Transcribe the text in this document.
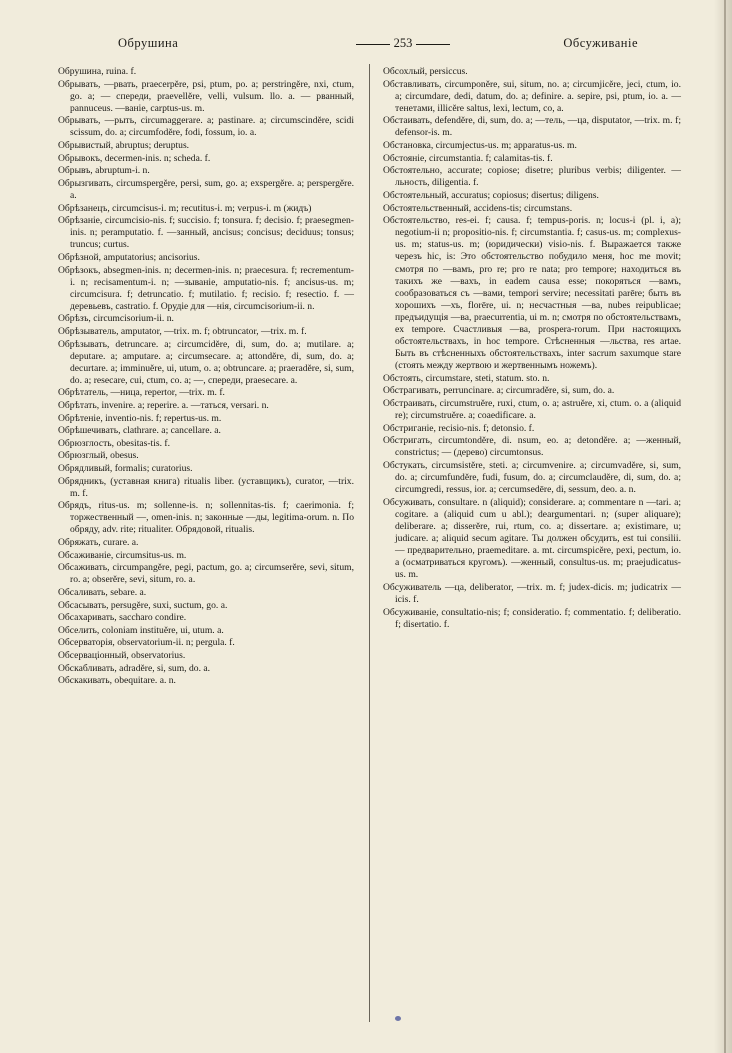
Обрушина	253	Обсуживаніе

Обрушина, ruina. f.

Обрывать, —рвать, praecerpĕre, psi, ptum, po. a; perstringĕre, nxi, ctum, go. a; — спереди, praevellĕre, velli, vulsum. llo. a. — рванный, pannuceus. —ваніе, carptus-us. m.

Обрывать, —рыть, circumaggerare. a; pastinare. a; circumscindĕre, scidi scissum, do. a; circumfodĕre, fodi, fossum, io. a.

Обрывистый, abruptus; deruptus.

Обрывокъ, decermen-inis. n; scheda. f.

Обрывъ, abruptum-i. n.

Обрызгивать, circumspergĕre, persi, sum, go. a; exspergĕre. a; perspergĕre. a.

Обрѣзанецъ, circumcisus-i. m; recutitus-i. m; verpus-i. m (жидъ)

Обрѣзаніе, circumcisio-nis. f; succisio. f; tonsura. f; decisio. f; praesegmen-inis. n; peramputatio. f. —занный, ancisus; concisus; deciduus; tonsus; truncus; curtus.

Обрѣзной, amputatorius; ancisorius.

Обрѣзокъ, absegmen-inis. n; decermen-inis. n; praecesura. f; recrementum-i. n; recisamentum-i. n; —зываніе, amputatio-nis. f; ancisus-us. m; circumcisura. f; detruncatio. f; mutilatio. f; recisio. f; resectio. f. — деревьевъ, castratio. f. Орудіе для —нія, circumcisorium-ii. n.

Обрѣзъ, circumcisorium-ii. n.

Обрѣзыватель, amputator, —trix. m. f; obtruncator, —trix. m. f.

Обрѣзывать, detruncare. a; circumcidĕre, di, sum, do. a; mutilare. a; deputare. a; amputare. a; circumsecare. a; attondĕre, di, sum, do. a; decurtare. a; imminuĕre, ui, utum, o. a; obtruncare. a; praeradĕre, si, sum, do. a; resecare, cui, ctum, co. a; —, спереди, praesecare. a.

Обрѣтатель, —ница, repertor, —trix. m. f.

Обрѣтать, invenire. a; reperire. a. —таться, versari. n.

Обрѣтеніе, inventio-nis. f; repertus-us. m.

Обрѣшечивать, clathrare. a; cancellare. a.

Обрюзглость, obesitas-tis. f.

Обрюзглый, obesus.

Обрядливый, formalis; curatorius.

Обрядникъ, (уставная книга) ritualis liber. (уставщикъ), curator, —trix. m. f.

Обрядъ, ritus-us. m; sollenne-is. n; sollennitas-tis. f; caerimonia. f; торжественный —, omen-inis. n; законные —ды, legitima-orum. n. По обряду, adv. rite; ritualiter. Обрядовой, ritualis.

Обряжать, curare. a.

Обсаживаніе, circumsitus-us. m.

Обсаживать, circumpangĕre, pegi, pactum, go. a; circumserĕre, sevi, situm, ro. a; obserĕre, sevi, situm, ro. a.

Обсаливать, sebare. a.

Обсасывать, persugĕre, suxi, suctum, go. a.

Обсахаривать, saccharo condire.

Обселить, coloniam instituĕre, ui, utum. a.

Обсерваторія, observatorium-ii. n; pergula. f.

Обсерваціонный, observatorius.

Обскабливать, adradĕre, si, sum, do. a.

Обскакивать, obequitare. a. n.

Обсохлый, persiccus.

Обставливать, circumponĕre, sui, situm, no. a; circumjicĕre, jeci, ctum, io. a; circumdare, dedi, datum, do. a; definire. a. sepire, psi, ptum, io. a. —тенетами, illicĕre saltus, lexi, lectum, co, a.

Обстаивать, defendĕre, di, sum, do. a; —тель, —ца, disputator, —trix. m. f; defensor-is. m.

Обстановка, circumjectus-us. m; apparatus-us. m.

Обстояніе, circumstantia. f; calamitas-tis. f.

Обстоятельно, accurate; copiose; disetre; pluribus verbis; diligenter. —льность, diligentia. f.

Обстоятельный, accuratus; copiosus; disertus; diligens.

Обстоятельственный, accidens-tis; circumstans.

Обстоятельство, res-ei. f; causa. f; tempus-poris. n; locus-i (pl. i, a); negotium-ii n; propositio-nis. f; circumstantia. f; casus-us. m; complexus-us. m; status-us. m; (юридически) visio-nis. f. Выражается также черезъ hic, is: Это обстоятельство побудило меня, hoc me movit; смотря по —вамъ, pro re; pro re nata; pro tempore; находиться въ такихъ же —вахъ, in eadem causa esse; покоряться —вамъ, сообразоваться съ —вами, tempori servire; necessitati parēre; быть въ хорошихъ —хъ, florēre, ui. n; несчастныя —ва, nubes reipublicae; предъидущія —ва, praecurrentia, ui m. n; смотря по обстоятельствамъ, ex tempore. Счастливыя —ва, prospera-rorum. При настоящихъ обстоятельствахъ, in hoc tempore. Стѣсненныя —льства, res artae. Быть въ стѣсненныхъ обстоятельствахъ, inter sacrum saxumque stare (стоять между жертвою и жертвеннымъ ножемъ).

Обстоять, circumstare, steti, statum. sto. n.

Обстрагивать, perruncinare. a; circumradĕre, si, sum, do. a.

Обстраивать, circumstruĕre, ruxi, ctum, o. a; astruĕre, xi, ctum. o. a (aliquid re); circumstruĕre. a; coaedificare. a.

Обстриганіе, recisio-nis. f; detonsio. f.

Обстригать, circumtondĕre, di. nsum, eo. a; detondĕre. a; —женный, constrictus; — (дерево) circumtonsus.

Обстукать, circumsistĕre, steti. a; circumvenire. a; circumvadĕre, si, sum, do. a; circumfundĕre, fudi, fusum, do. a; circumclaudĕre, di, sum, do. a; circumgredi, ressus, ior. a; cercumsedēre, di, sessum, deo. a. n.

Обсуживать, consultare. n (aliquid); considerare. a; commentare n —tari. a; cogitare. a (aliquid cum u abl.); deargumentari. n; (super aliquare); deliberare. a; disserĕre, rui, rtum, co. a; dissertare. a; existimare, u; judicare. a; aliquid secum agitare. Ты должен обсудить, est tui consilii. — предварительно, praemeditare. a. mt. circumspicĕre, pexi, pectum, io. a (осматриваться кругомъ). —женный, consultus-us. m; praejudicatus-us. m.

Обсуживатель —ца, deliberator, —trix. m. f; judex-dicis. m; judicatrix —icis. f.

Обсуживаніе, consultatio-nis; f; consideratio. f; commentatio. f; deliberatio. f; disertatio. f.
